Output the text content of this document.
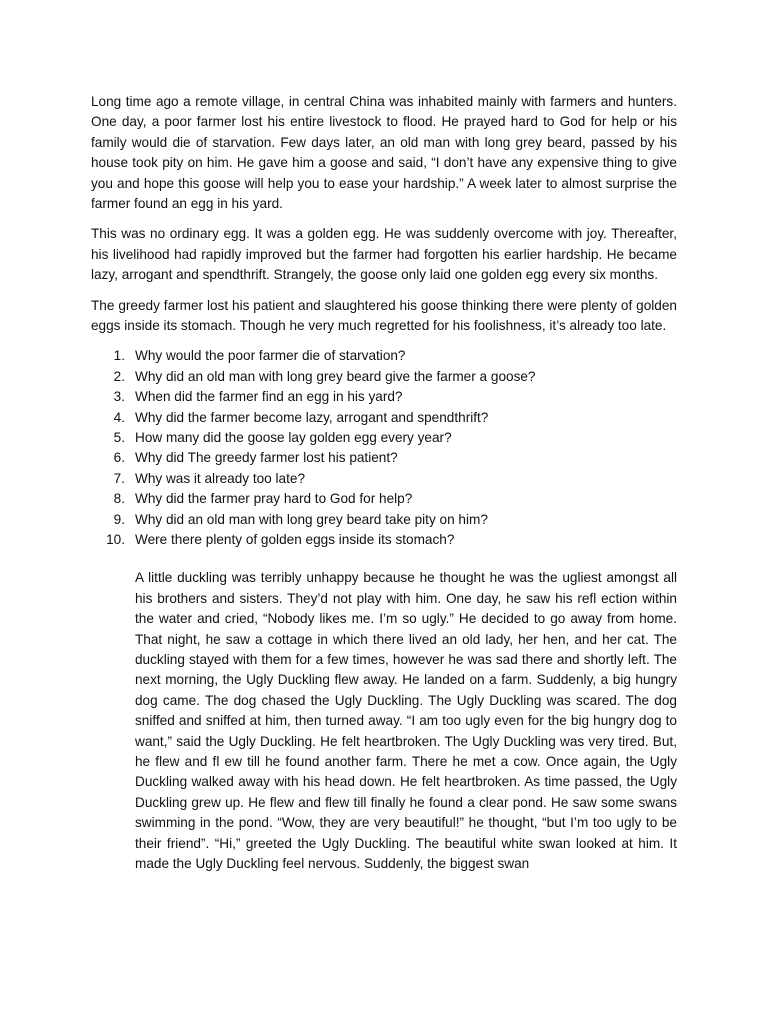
Long time ago a remote village, in central China was inhabited mainly with farmers and hunters. One day, a poor farmer lost his entire livestock to flood. He prayed hard to God for help or his family would die of starvation. Few days later, an old man with long grey beard, passed by his house took pity on him. He gave him a goose and said, “I don’t have any expensive thing to give you and hope this goose will help you to ease your hardship.” A week later to almost surprise the farmer found an egg in his yard.

This was no ordinary egg. It was a golden egg. He was suddenly overcome with joy. Thereafter, his livelihood had rapidly improved but the farmer had forgotten his earlier hardship. He became lazy, arrogant and spendthrift. Strangely, the goose only laid one golden egg every six months.

The greedy farmer lost his patient and slaughtered his goose thinking there were plenty of golden eggs inside its stomach. Though he very much regretted for his foolishness, it’s already too late.

1. Why would the poor farmer die of starvation?
2. Why did an old man with long grey beard give the farmer a goose?
3. When did the farmer find an egg in his yard?
4. Why did the farmer become lazy, arrogant and spendthrift?
5. How many did the goose lay golden egg every year?
6. Why did The greedy farmer lost his patient?
7. Why was it already too late?
8. Why did the farmer pray hard to God for help?
9. Why did an old man with long grey beard take pity on him?
10. Were there plenty of golden eggs inside its stomach?

A little duckling was terribly unhappy because he thought he was the ugliest amongst all his brothers and sisters. They’d not play with him. One day, he saw his refl ection within the water and cried, “Nobody likes me. I’m so ugly.” He decided to go away from home. That night, he saw a cottage in which there lived an old lady, her hen, and her cat. The duckling stayed with them for a few times, however he was sad there and shortly left. The next morning, the Ugly Duckling flew away. He landed on a farm. Suddenly, a big hungry dog came. The dog chased the Ugly Duckling. The Ugly Duckling was scared. The dog sniffed and sniffed at him, then turned away. “I am too ugly even for the big hungry dog to want,” said the Ugly Duckling. He felt heartbroken. The Ugly Duckling was very tired. But, he flew and fl ew till he found another farm. There he met a cow. Once again, the Ugly Duckling walked away with his head down. He felt heartbroken. As time passed, the Ugly Duckling grew up. He flew and flew till finally he found a clear pond. He saw some swans swimming in the pond. “Wow, they are very beautiful!” he thought, “but I’m too ugly to be their friend”. “Hi,” greeted the Ugly Duckling. The beautiful white swan looked at him. It made the Ugly Duckling feel nervous. Suddenly, the biggest swan
